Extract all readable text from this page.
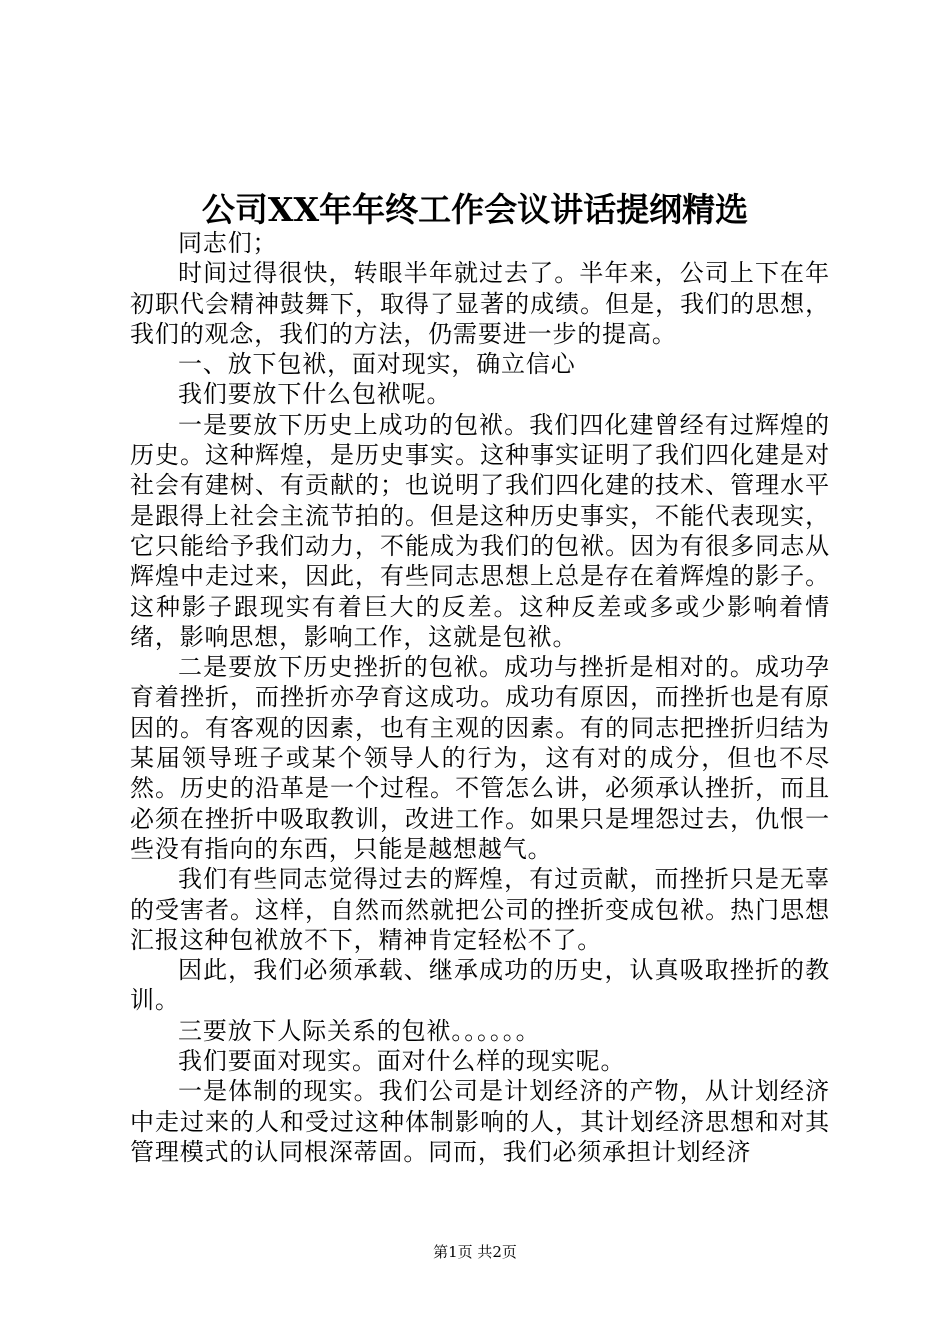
公司XX年年终工作会议讲话提纲精选

同志们；

时间过得很快，转眼半年就过去了。半年来，公司上下在年初职代会精神鼓舞下，取得了显著的成绩。但是，我们的思想，我们的观念，我们的方法，仍需要进一步的提高。

一、放下包袱，面对现实，确立信心

我们要放下什么包袱呢。

一是要放下历史上成功的包袱。我们四化建曾经有过辉煌的历史。这种辉煌，是历史事实。这种事实证明了我们四化建是对社会有建树、有贡献的；也说明了我们四化建的技术、管理水平是跟得上社会主流节拍的。但是这种历史事实，不能代表现实，它只能给予我们动力，不能成为我们的包袱。因为有很多同志从辉煌中走过来，因此，有些同志思想上总是存在着辉煌的影子。这种影子跟现实有着巨大的反差。这种反差或多或少影响着情绪，影响思想，影响工作，这就是包袱。

二是要放下历史挫折的包袱。成功与挫折是相对的。成功孕育着挫折，而挫折亦孕育这成功。成功有原因，而挫折也是有原因的。有客观的因素，也有主观的因素。有的同志把挫折归结为某届领导班子或某个领导人的行为，这有对的成分，但也不尽然。历史的沿革是一个过程。不管怎么讲，必须承认挫折，而且必须在挫折中吸取教训，改进工作。如果只是埋怨过去，仇恨一些没有指向的东西，只能是越想越气。

我们有些同志觉得过去的辉煌，有过贡献，而挫折只是无辜的受害者。这样，自然而然就把公司的挫折变成包袱。热门思想汇报这种包袱放不下，精神肯定轻松不了。

因此，我们必须承载、继承成功的历史，认真吸取挫折的教训。

三要放下人际关系的包袱。。。。。。

我们要面对现实。面对什么样的现实呢。

一是体制的现实。我们公司是计划经济的产物，从计划经济中走过来的人和受过这种体制影响的人，其计划经济思想和对其管理模式的认同根深蒂固。同而，我们必须承担计划经济

第1页 共2页
